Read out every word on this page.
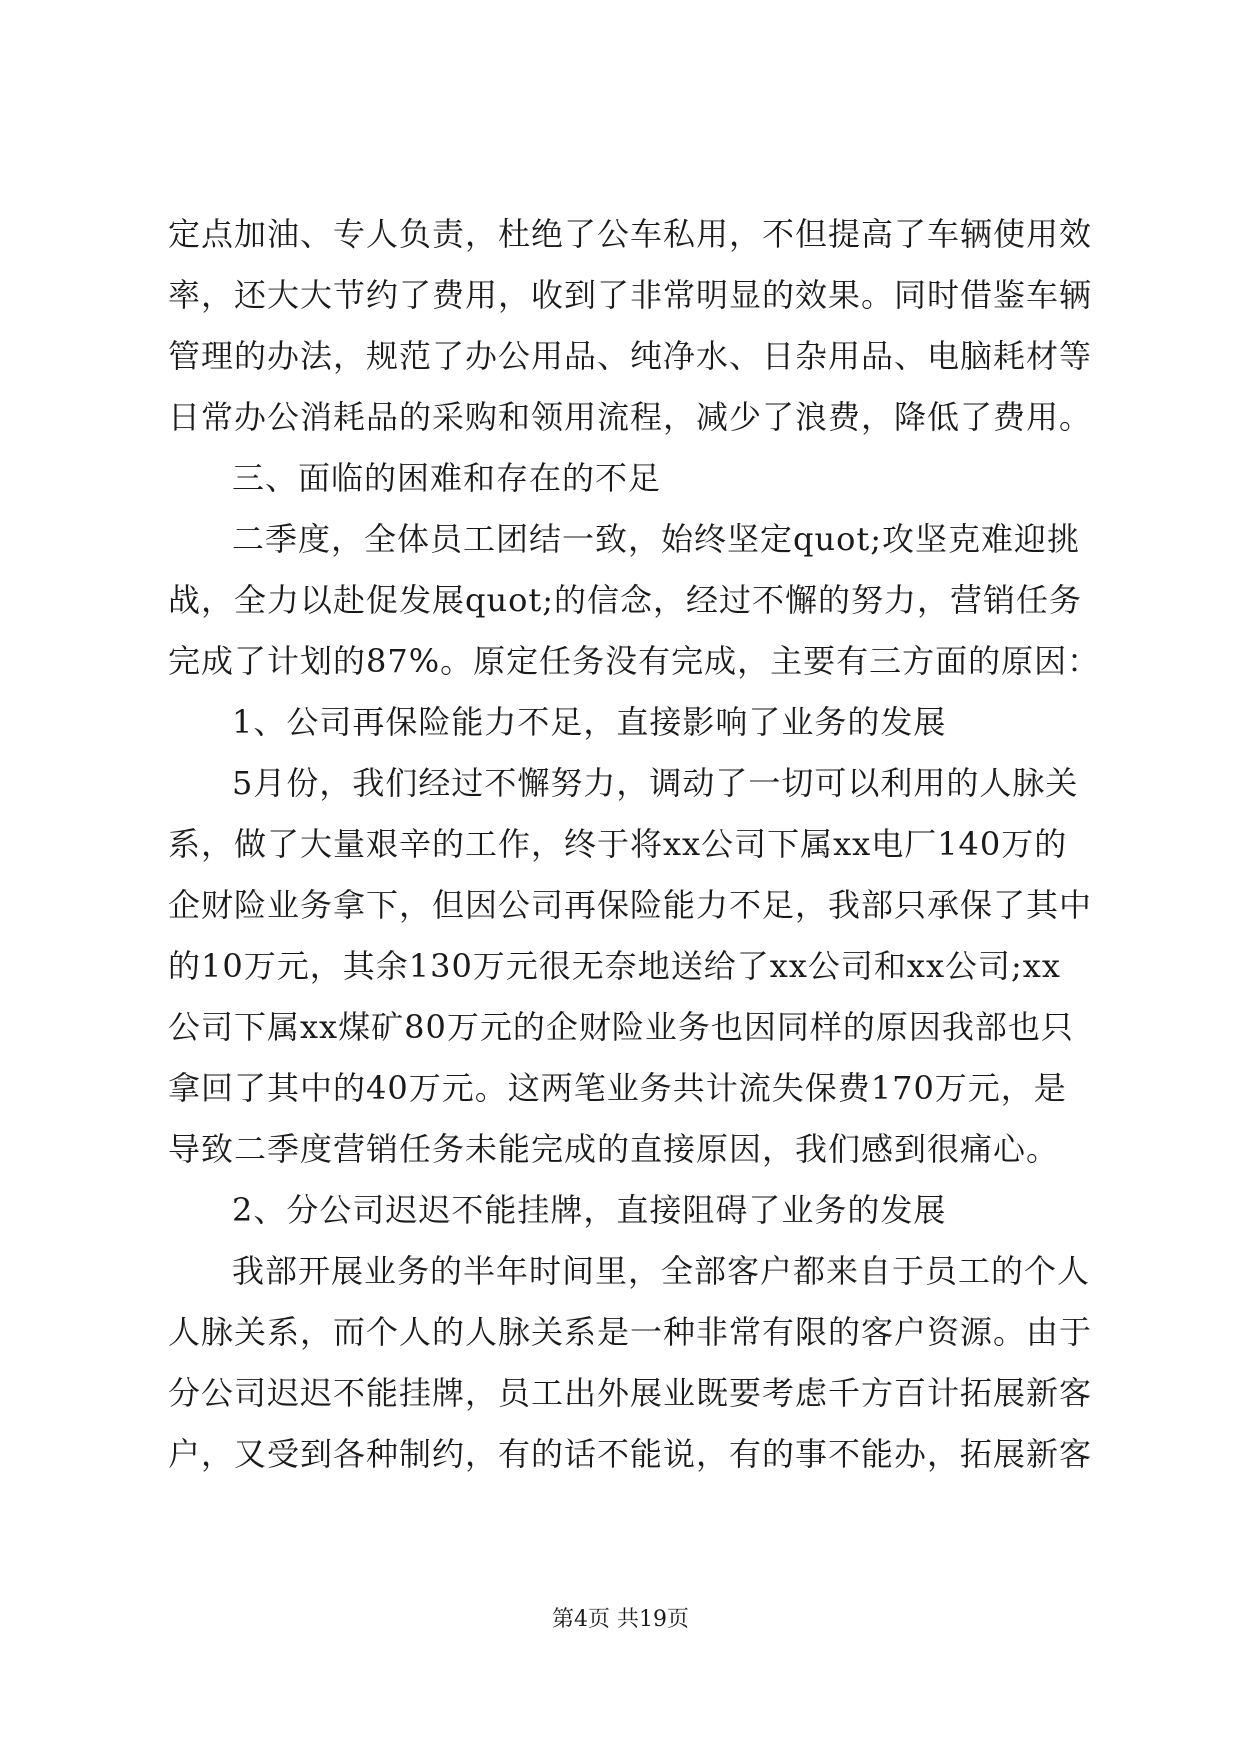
定点加油、专人负责，杜绝了公车私用，不但提高了车辆使用效
率，还大大节约了费用，收到了非常明显的效果。同时借鉴车辆
管理的办法，规范了办公用品、纯净水、日杂用品、电脑耗材等
日常办公消耗品的采购和领用流程，减少了浪费，降低了费用。
三、面临的困难和存在的不足
二季度，全体员工团结一致，始终坚定quot;攻坚克难迎挑
战，全力以赴促发展quot;的信念，经过不懈的努力，营销任务
完成了计划的87%。原定任务没有完成，主要有三方面的原因：
1、公司再保险能力不足，直接影响了业务的发展
5月份，我们经过不懈努力，调动了一切可以利用的人脉关
系，做了大量艰辛的工作，终于将xx公司下属xx电厂140万的
企财险业务拿下，但因公司再保险能力不足，我部只承保了其中
的10万元，其余130万元很无奈地送给了xx公司和xx公司;xx
公司下属xx煤矿80万元的企财险业务也因同样的原因我部也只
拿回了其中的40万元。这两笔业务共计流失保费170万元，是
导致二季度营销任务未能完成的直接原因，我们感到很痛心。
2、分公司迟迟不能挂牌，直接阻碍了业务的发展
我部开展业务的半年时间里，全部客户都来自于员工的个人
人脉关系，而个人的人脉关系是一种非常有限的客户资源。由于
分公司迟迟不能挂牌，员工出外展业既要考虑千方百计拓展新客
户，又受到各种制约，有的话不能说，有的事不能办，拓展新客
第4页 共19页
